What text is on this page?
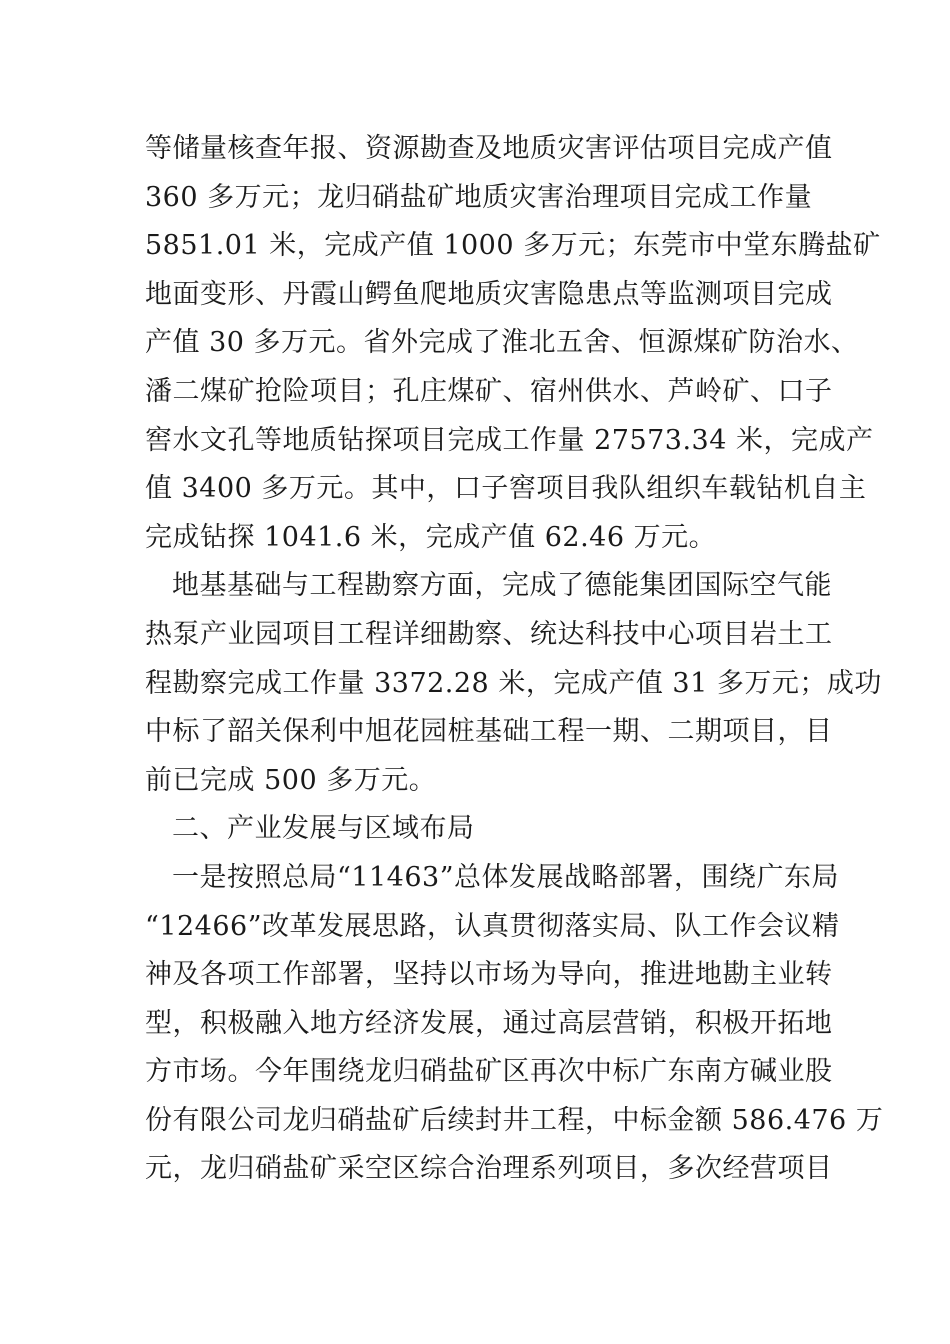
等储量核查年报、资源勘查及地质灾害评估项目完成产值
360 多万元；龙归硝盐矿地质灾害治理项目完成工作量
5851.01 米，完成产值 1000 多万元；东莞市中堂东腾盐矿
地面变形、丹霞山鳄鱼爬地质灾害隐患点等监测项目完成
产值 30 多万元。省外完成了淮北五舍、恒源煤矿防治水、
潘二煤矿抢险项目；孔庄煤矿、宿州供水、芦岭矿、口子
窖水文孔等地质钻探项目完成工作量 27573.34 米，完成产
值 3400 多万元。其中，口子窖项目我队组织车载钻机自主
完成钻探 1041.6 米，完成产值 62.46 万元。
地基基础与工程勘察方面，完成了德能集团国际空气能
热泵产业园项目工程详细勘察、统达科技中心项目岩土工
程勘察完成工作量 3372.28 米，完成产值 31 多万元；成功
中标了韶关保利中旭花园桩基础工程一期、二期项目，目
前已完成 500 多万元。
二、产业发展与区域布局
一是按照总局“11463”总体发展战略部署，围绕广东局
“12466”改革发展思路，认真贯彻落实局、队工作会议精
神及各项工作部署，坚持以市场为导向，推进地勘主业转
型，积极融入地方经济发展，通过高层营销，积极开拓地
方市场。今年围绕龙归硝盐矿区再次中标广东南方碱业股
份有限公司龙归硝盐矿后续封井工程，中标金额 586.476 万
元，龙归硝盐矿采空区综合治理系列项目，多次经营项目
